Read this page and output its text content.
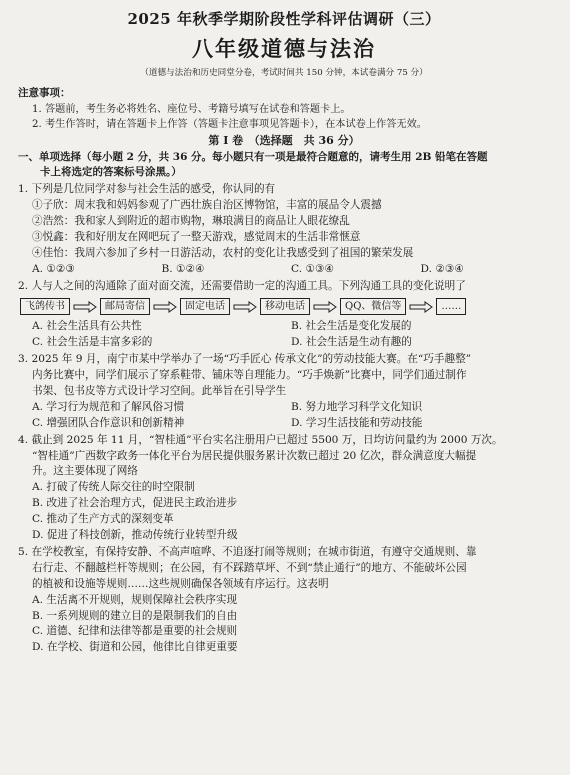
2025 年秋季学期阶段性学科评估调研（三）
八年级道德与法治
（道德与法治和历史同堂分卷，考试时间共 150 分钟，本试卷满分 75 分）
注意事项：
1. 答题前，考生务必将姓名、座位号、考籍号填写在试卷和答题卡上。
2. 考生作答时，请在答题卡上作答（答题卡注意事项见答题卡），在本试卷上作答无效。
第 Ⅰ 卷　（选择题　共 36 分）
一、单项选择（每小题 2 分，共 36 分。每小题只有一项是最符合题意的，请考生用 2B 铅笔在答题
卡上将选定的答案标号涂黑。）
1. 下列是几位同学对参与社会生活的感受，你认同的有
①子欣：周末我和妈妈参观了广西壮族自治区博物馆，丰富的展品令人震撼
②浩然：我和家人到附近的超市购物，琳琅满目的商品让人眼花缭乱
③悦鑫：我和好朋友在网吧玩了一整天游戏，感觉周末的生活非常惬意
④佳怡：我周六参加了乡村一日游活动，农村的变化让我感受到了祖国的繁荣发展
A. ①②③	B. ①②④	C. ①③④	D. ②③④
2. 人与人之间的沟通除了面对面交流，还需要借助一定的沟通工具。下列沟通工具的变化说明了
飞鸽传书	邮局寄信	固定电话	移动电话	QQ、微信等	……
A. 社会生活具有公共性	B. 社会生活是变化发展的
C. 社会生活是丰富多彩的	D. 社会生活是生动有趣的
3. 2025 年 9 月，南宁市某中学举办了一场“巧手匠心 传承文化”的劳动技能大赛。在“巧手趣整”
内务比赛中，同学们展示了穿系鞋带、铺床等自理能力。“巧手焕新”比赛中，同学们通过制作
书架、包书皮等方式设计学习空间。此举旨在引导学生
A. 学习行为规范和了解风俗习惯	B. 努力地学习科学文化知识
C. 增强团队合作意识和创新精神	D. 学习生活技能和劳动技能
4. 截止到 2025 年 11 月，“智桂通”平台实名注册用户已超过 5500 万，日均访问量约为 2000 万次。
“智桂通”广西数字政务一体化平台为居民提供服务累计次数已超过 20 亿次，群众满意度大幅提
升。这主要体现了网络
A. 打破了传统人际交往的时空限制
B. 改进了社会治理方式，促进民主政治进步
C. 推动了生产方式的深刻变革
D. 促进了科技创新，推动传统行业转型升级
5. 在学校教室，有保持安静、不高声喧哗、不追逐打闹等规则；在城市街道，有遵守交通规则、靠
右行走、不翻越栏杆等规则；在公园，有不踩踏草坪、不到“禁止通行”的地方、不能破坏公园
的植被和设施等规则……这些规则确保各领域有序运行。这表明
A. 生活离不开规则，规则保障社会秩序实现
B. 一系列规则的建立目的是限制我们的自由
C. 道德、纪律和法律等都是重要的社会规则
D. 在学校、街道和公园，他律比自律更重要
